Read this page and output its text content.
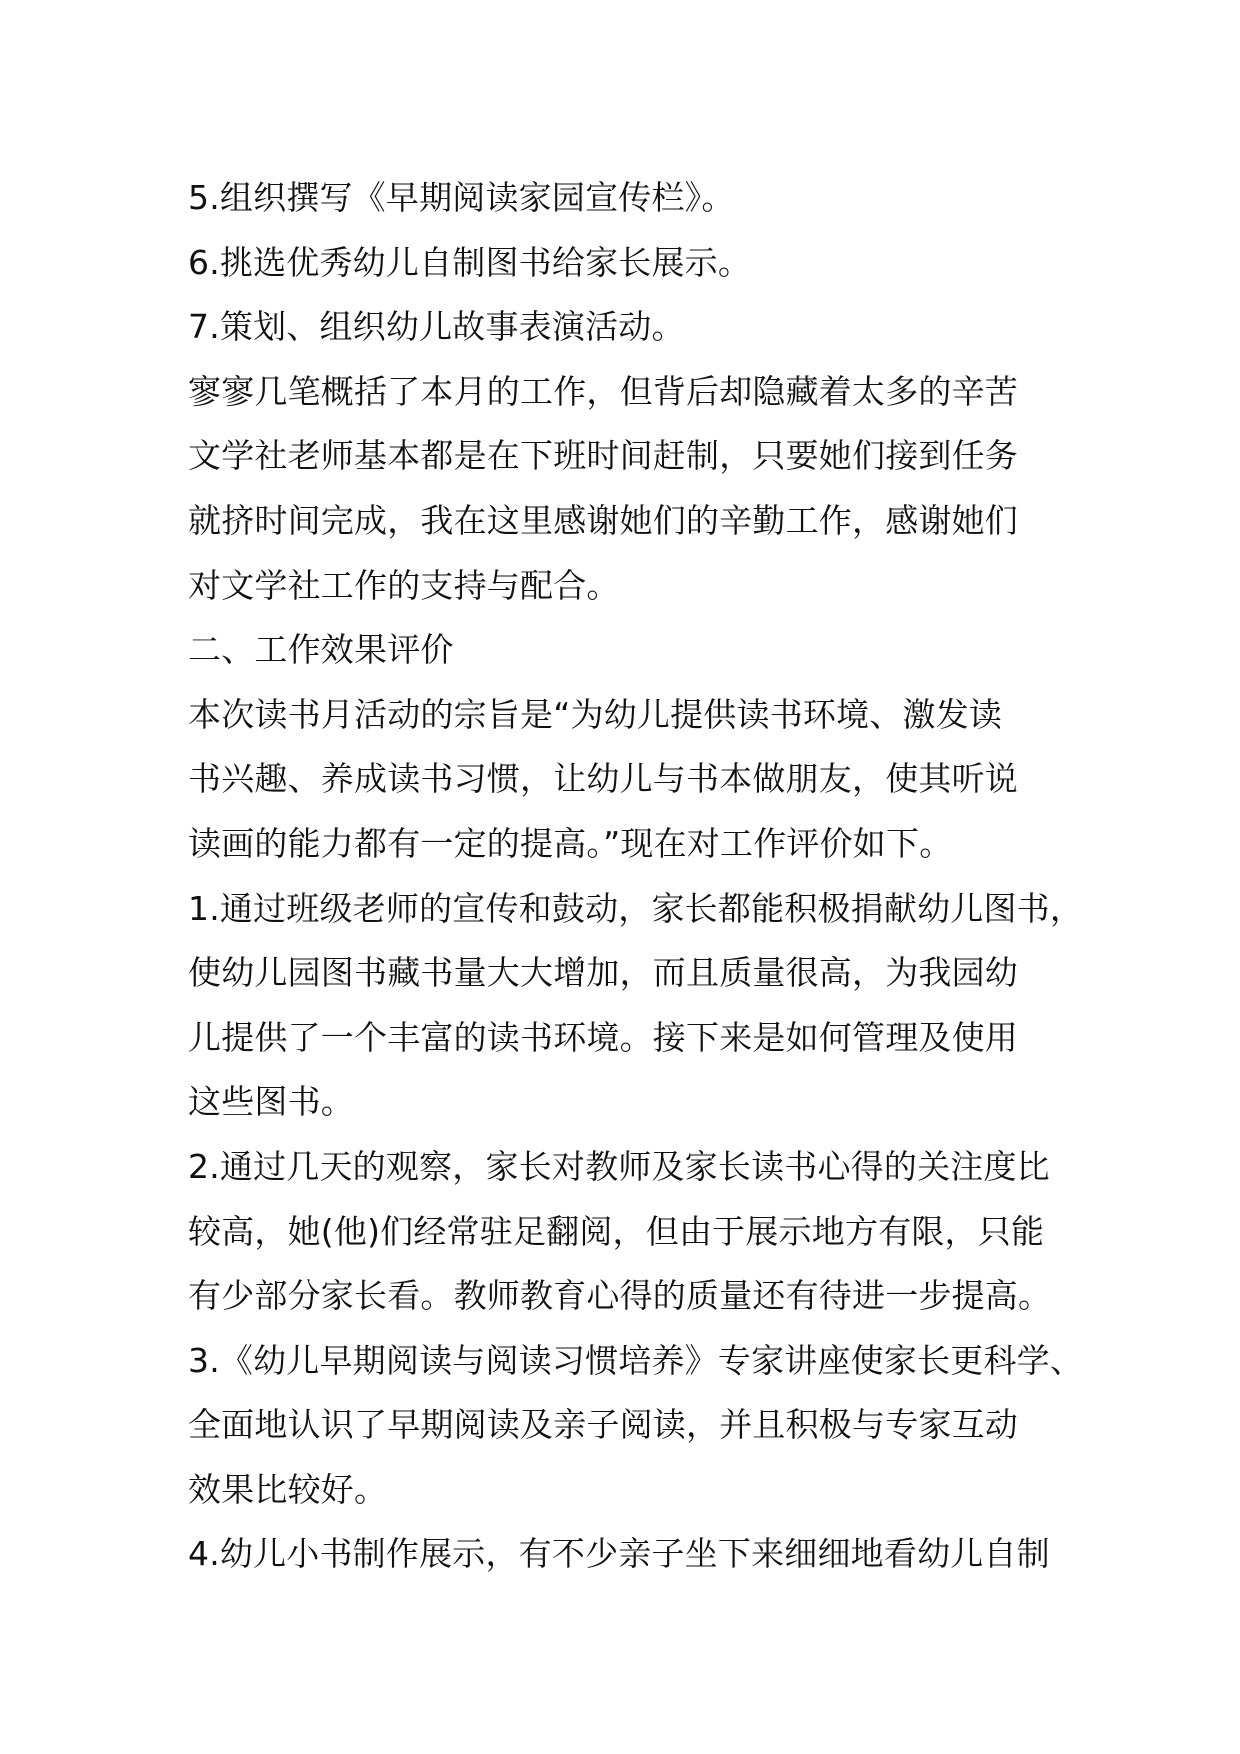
5.组织撰写《早期阅读家园宣传栏》。
6.挑选优秀幼儿自制图书给家长展示。
7.策划、组织幼儿故事表演活动。
寥寥几笔概括了本月的工作，但背后却隐藏着太多的辛苦
文学社老师基本都是在下班时间赶制，只要她们接到任务
就挤时间完成，我在这里感谢她们的辛勤工作，感谢她们
对文学社工作的支持与配合。
二、工作效果评价
本次读书月活动的宗旨是“为幼儿提供读书环境、激发读
书兴趣、养成读书习惯，让幼儿与书本做朋友，使其听说
读画的能力都有一定的提高。”现在对工作评价如下。
1.通过班级老师的宣传和鼓动，家长都能积极捐献幼儿图书，
使幼儿园图书藏书量大大增加，而且质量很高，为我园幼
儿提供了一个丰富的读书环境。接下来是如何管理及使用
这些图书。
2.通过几天的观察，家长对教师及家长读书心得的关注度比
较高，她(他)们经常驻足翻阅，但由于展示地方有限，只能
有少部分家长看。教师教育心得的质量还有待进一步提高。
3.《幼儿早期阅读与阅读习惯培养》专家讲座使家长更科学、
全面地认识了早期阅读及亲子阅读，并且积极与专家互动
效果比较好。
4.幼儿小书制作展示，有不少亲子坐下来细细地看幼儿自制
